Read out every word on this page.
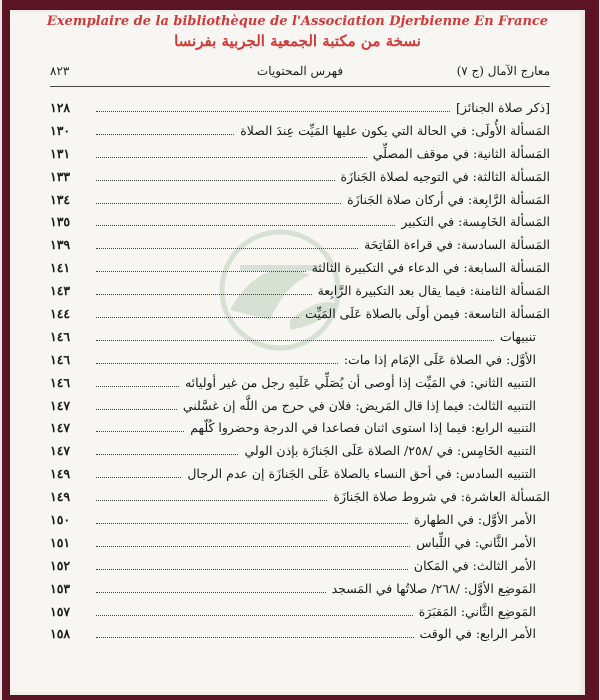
Exemplaire de la bibliothèque de l'Association Djerbienne En France
نسخة من مكتبة الجمعية الجربية بفرنسا
معارج الآمال (ج ٧)
فهرس المحتويات
٨٢٣
[ذكر صلاة الجنائز]
١٢٨
المَسألة الأُولَى: في الحالة التي يكون عليها المَيِّت عِندَ الصلاة
١٣٠
المَسألة الثانية: في موقف المصلِّي
١٣١
المَسألة الثالثة: في التوجيه لصلاة الجَنازَة
١٣٣
المَسألة الرَّابِعة: في أركان صلاة الجَنازَة
١٣٤
المَسألة الخَامِسة: في التكبير
١٣٥
المَسألة السادسة: في قراءة الفَاتِحَة
١٣٩
المَسألة السابعة: في الدعاء في التكبيرة الثالثة
١٤١
المَسألة الثامنة: فيما يقال بعد التكبيرة الرَّابِعة
١٤٣
المَسألة التاسعة: فيمن أولَى بالصلاة عَلَى المَيِّت
١٤٤
تنبيهات
١٤٦
الأوَّل: في الصلاة عَلَى الإمَام إذا مات:
١٤٦
التنبيه الثاني: في المَيِّت إذا أوصى أن يُصَلِّي عَلَيهِ رجل من غير أوليائه
١٤٦
التنبيه الثالث: فيما إذا قال المَريض: فلان في حرج من اللَّه إن غسَّلني
١٤٧
التنبيه الرابع: فيما إذا استوى اثنان فصاعدا في الدرجة وحضروا كُلّهم
١٤٧
التنبيه الخَامِس: في /٢٥٨/ الصلاة عَلَى الجَنازَة بإذن الولي
١٤٧
التنبيه السادس: في أحق النساء بالصلاة عَلَى الجَنازَة إن عدم الرجال
١٤٩
المَسألة العاشرة: في شروط صلاة الجَنازَة
١٤٩
الأمر الأوَّل: في الطهارة
١٥٠
الأمر الثَّاني: في اللِّباس
١٥١
الأمر الثالث: في المَكان
١٥٢
المَوضِع الأوَّل: /٢٦٨/ صلاتُها في المَسجد
١٥٣
المَوضِع الثَّاني: المَقبَرَة
١٥٧
الأمر الرابع: في الوقت
١٥٨
